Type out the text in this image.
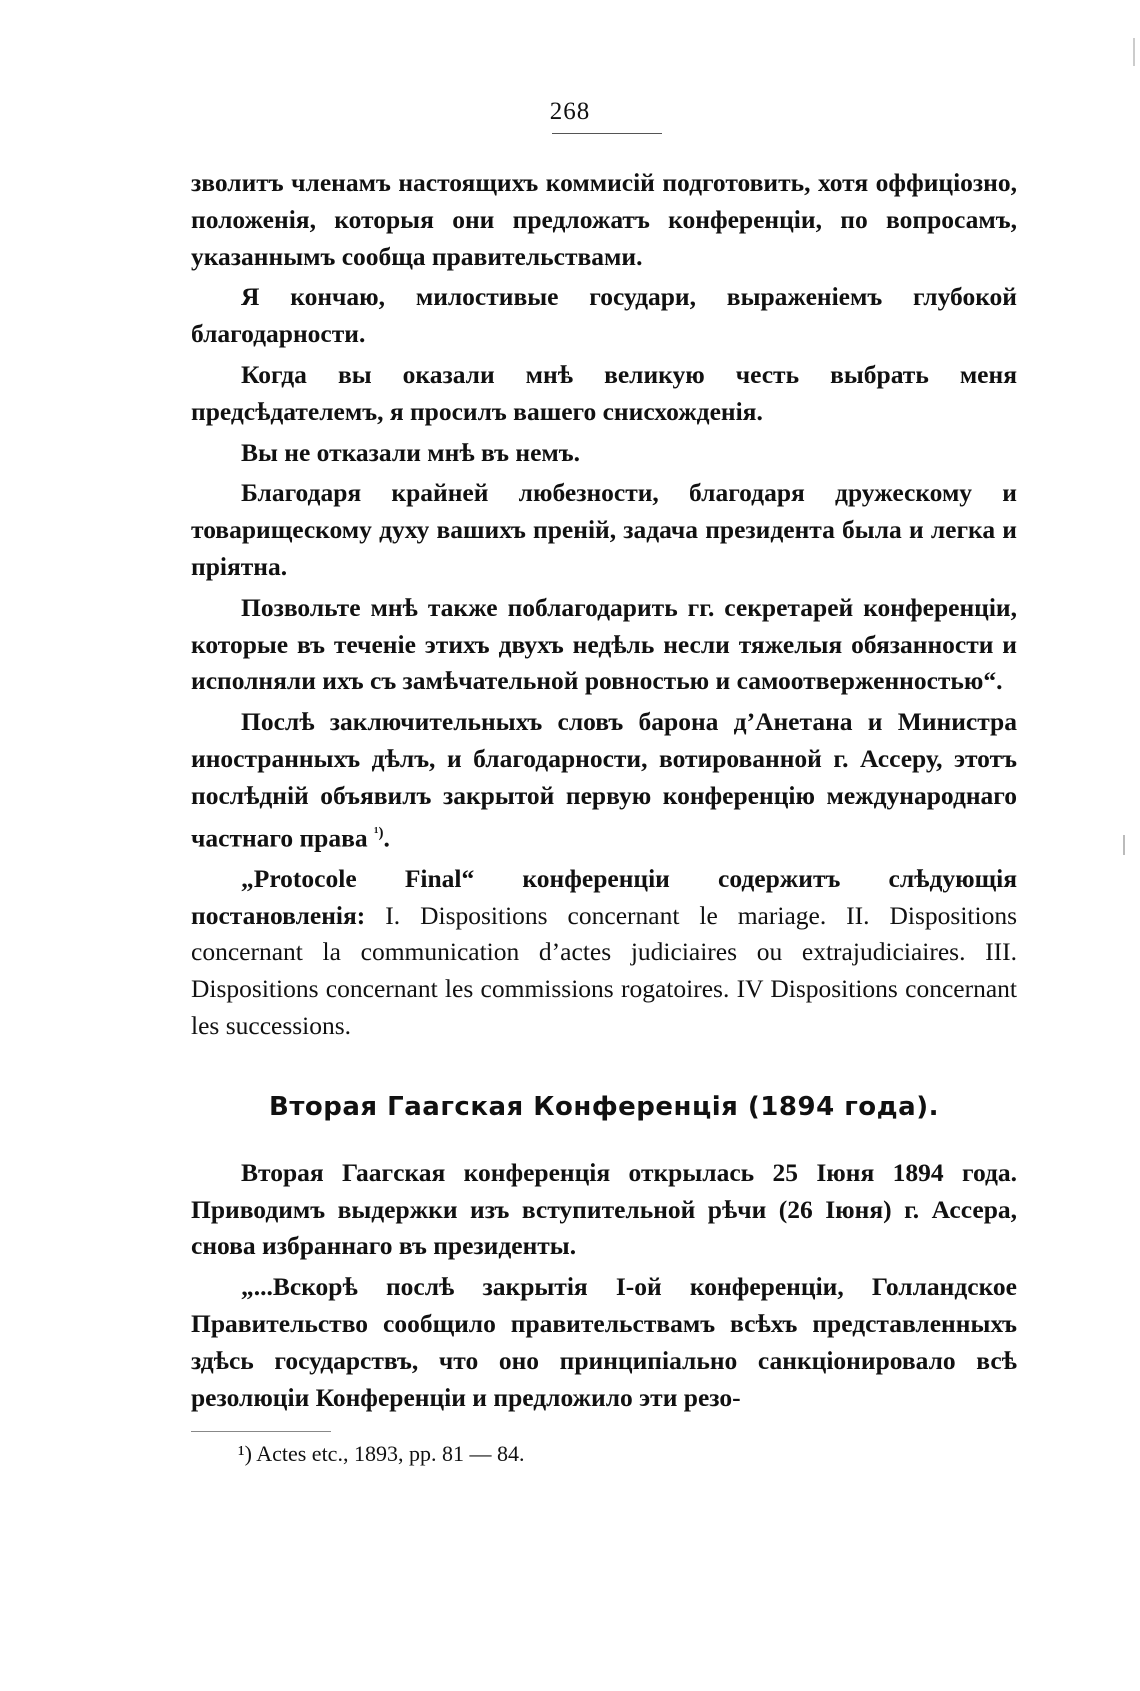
268

зволитъ членамъ настоящихъ коммисій подготовить, хотя оффиціозно, положенія, которыя они предложатъ конференціи, по вопросамъ, указаннымъ сообща правительствами.

Я кончаю, милостивые государи, выраженіемъ глубокой благодарности.

Когда вы оказали мнѣ великую честь выбрать меня предсѣдателемъ, я просилъ вашего снисхожденія.

Вы не отказали мнѣ въ немъ.

Благодаря крайней любезности, благодаря дружескому и товарищескому духу вашихъ преній, задача президента была и легка и пріятна.

Позвольте мнѣ также поблагодарить гг. секретарей конференціи, которые въ теченіе этихъ двухъ недѣль несли тяжелыя обязанности и исполняли ихъ съ замѣчательной ровностью и самоотверженностью“.

Послѣ заключительныхъ словъ барона д’Анетана и Министра иностранныхъ дѣлъ, и благодарности, вотированной г. Ассеру, этотъ послѣдній объявилъ закрытой первую конференцію международнаго частнаго права $^{^1)}$.

„Protocole Final“ конференціи содержитъ слѣдующія постановленія: I. Dispositions concernant le mariage. II. Dispositions concernant la communication d’actes judiciaires ou extrajudiciaires. III. Dispositions concernant les commissions rogatoires. IV Dispositions concernant les successions.

Вторая Гаагская Конференція (1894 года).

Вторая Гаагская конференція открылась 25 Іюня 1894 года. Приводимъ выдержки изъ вступительной рѣчи (26 Іюня) г. Ассера, снова избраннаго въ президенты.

„...Вскорѣ послѣ закрытія І-ой конференціи, Голландское Правительство сообщило правительствамъ всѣхъ представленныхъ здѣсь государствъ, что оно принципіально санкціонировало всѣ резолюціи Конференціи и предложило эти резо-

¹) Actes etc., 1893, pp. 81 — 84.
